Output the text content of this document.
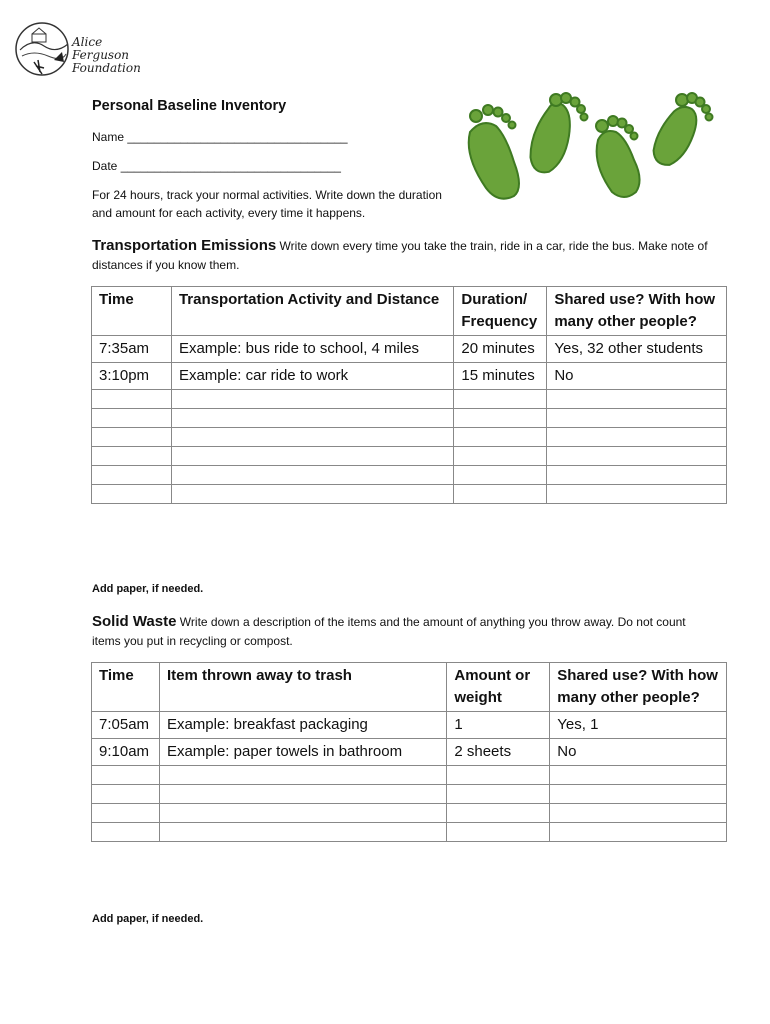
Alice
Ferguson
Foundation
Personal Baseline Inventory
Name _________________________________
Date _________________________________
For 24 hours, track your normal activities. Write down the duration and amount for each activity, every time it happens.
Transportation Emissions Write down every time you take the train, ride in a car, ride the bus. Make note of distances if you know them.
Time	Transportation Activity and Distance	Duration/ Frequency	Shared use? With how many other people?
7:35am	Example: bus ride to school, 4 miles	20 minutes	Yes, 32 other students
3:10pm	Example: car ride to work	15 minutes	No

Add paper, if needed.
Solid Waste Write down a description of the items and the amount of anything you throw away. Do not count items you put in recycling or compost.
Time	Item thrown away to trash	Amount or weight	Shared use? With how many other people?
7:05am	Example: breakfast packaging	1	Yes, 1
9:10am	Example: paper towels in bathroom	2 sheets	No

Add paper, if needed.
